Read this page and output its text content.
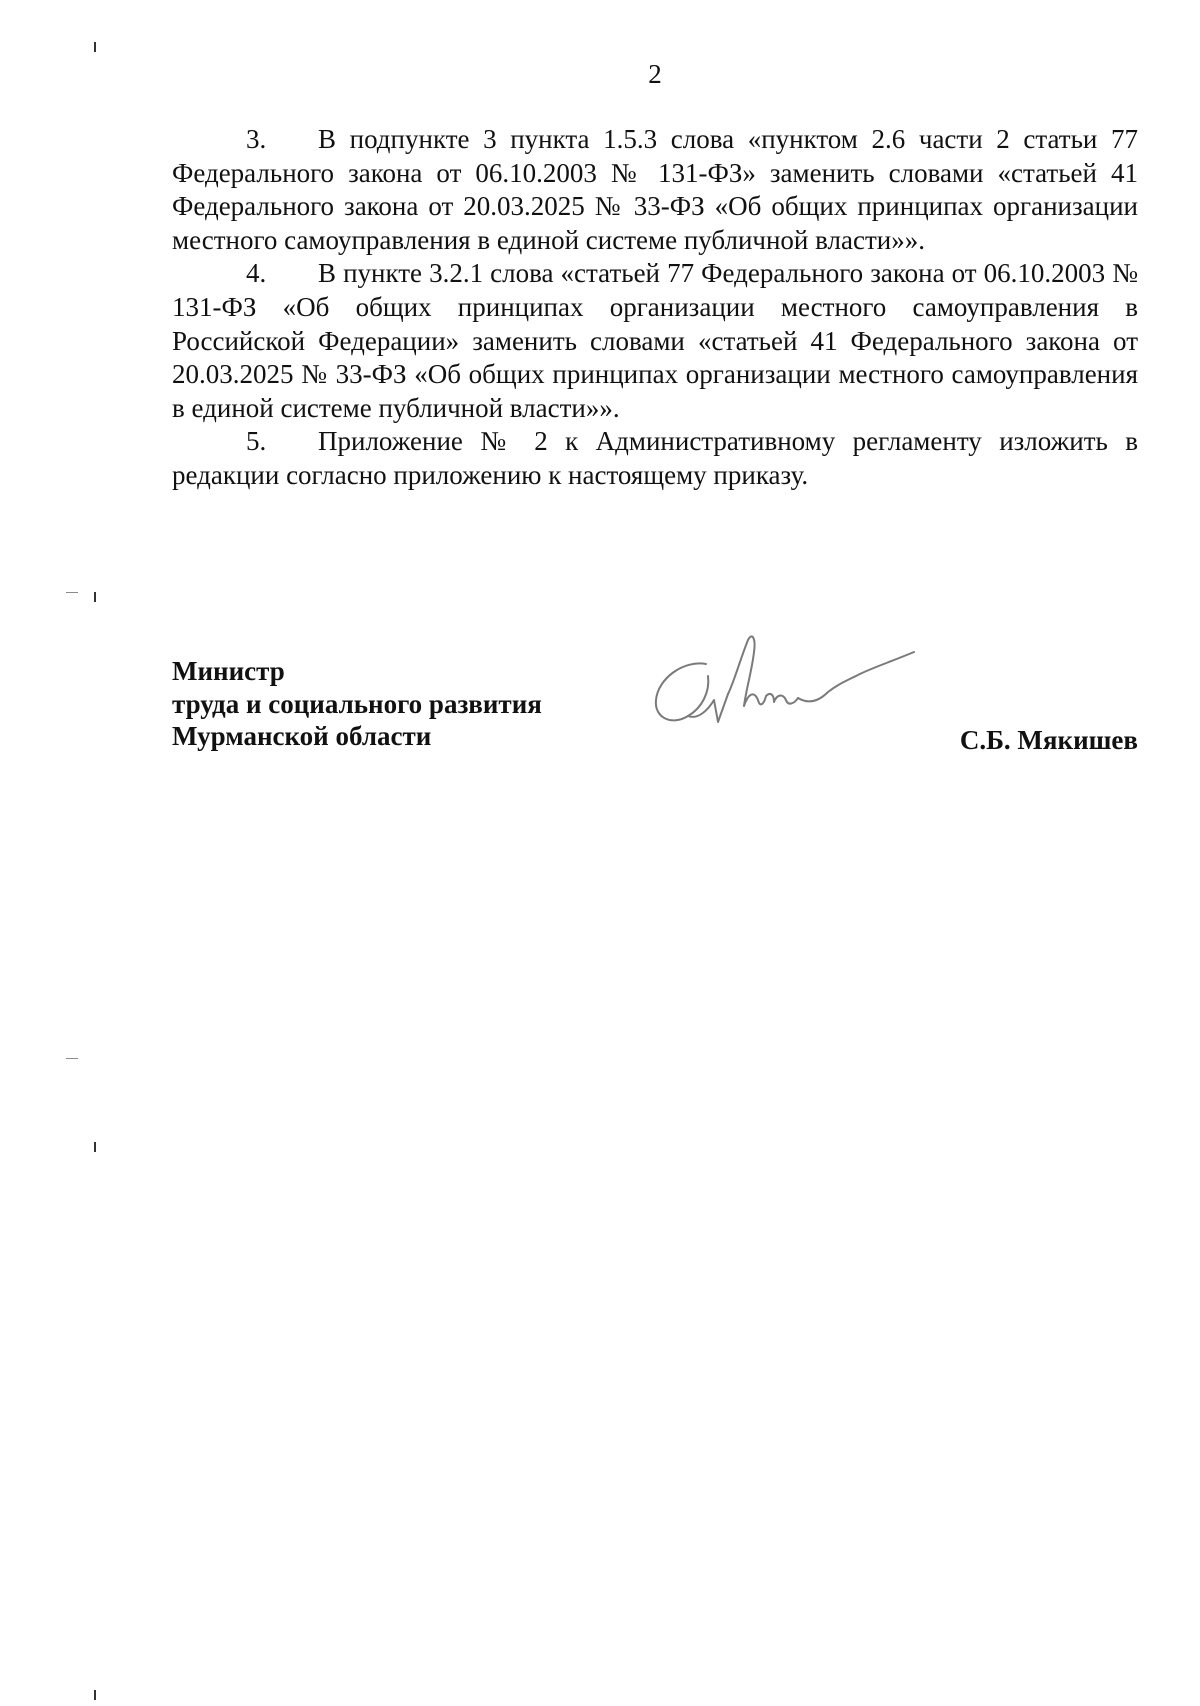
2

3. В подпункте 3 пункта 1.5.3 слова «пунктом 2.6 части 2 статьи 77 Федерального закона от 06.10.2003 № 131-ФЗ» заменить словами «статьей 41 Федерального закона от 20.03.2025 № 33-ФЗ «Об общих принципах организации местного самоуправления в единой системе публичной власти»».

4. В пункте 3.2.1 слова «статьей 77 Федерального закона от 06.10.2003 № 131-ФЗ «Об общих принципах организации местного самоуправления в Российской Федерации» заменить словами «статьей 41 Федерального закона от 20.03.2025 № 33-ФЗ «Об общих принципах организации местного самоуправления в единой системе публичной власти»».

5. Приложение № 2 к Административному регламенту изложить в редакции согласно приложению к настоящему приказу.

Министр
труда и социального развития
Мурманской области	С.Б. Мякишев
